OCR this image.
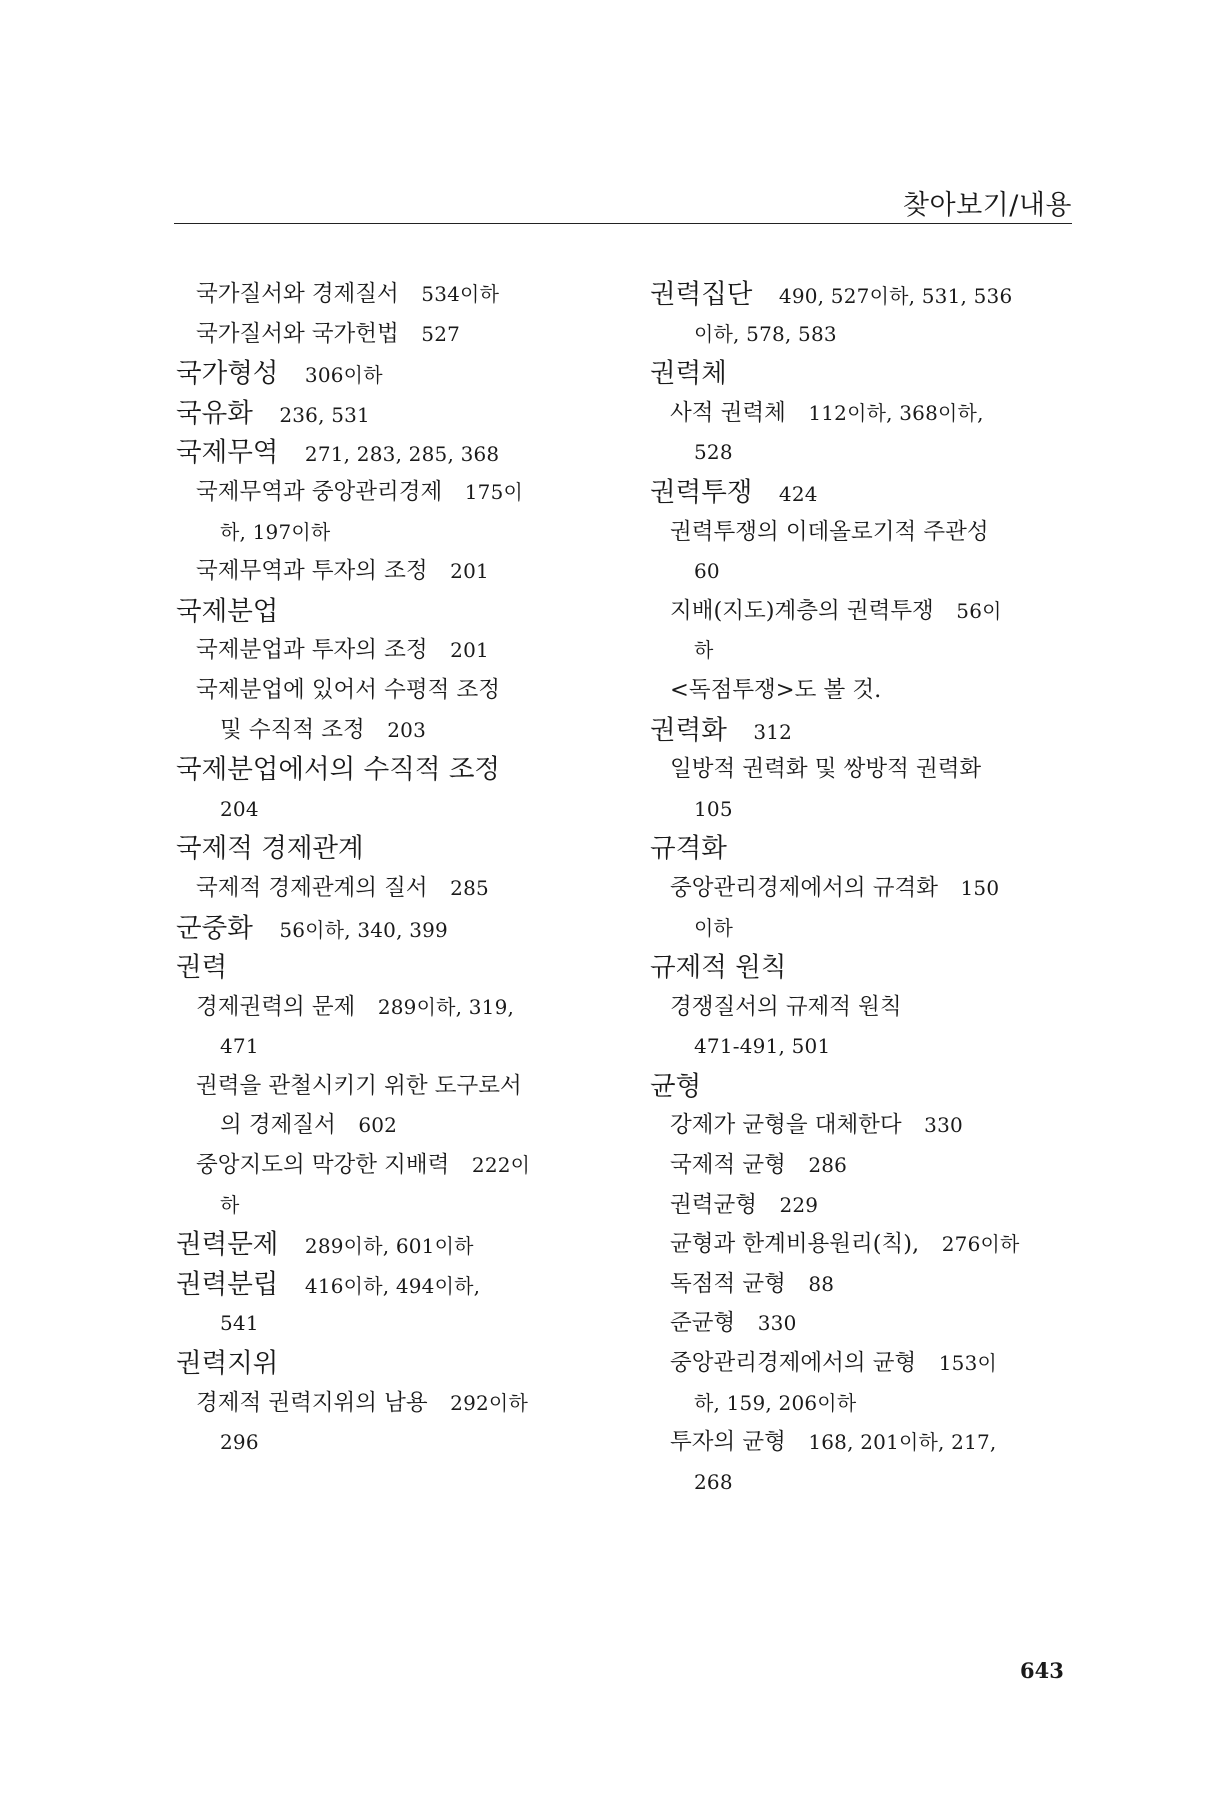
찾아보기/내용
국가질서와 경제질서  534이하
국가질서와 국가헌법  527
국가형성  306이하
국유화  236, 531
국제무역  271, 283, 285, 368
국제무역과 중앙관리경제  175이
하, 197이하
국제무역과 투자의 조정  201
국제분업
국제분업과 투자의 조정  201
국제분업에 있어서 수평적 조정
및 수직적 조정  203
국제분업에서의 수직적 조정
204
국제적 경제관계
국제적 경제관계의 질서  285
군중화  56이하, 340, 399
권력
경제권력의 문제  289이하, 319,
471
권력을 관철시키기 위한 도구로서
의 경제질서  602
중앙지도의 막강한 지배력  222이
하
권력문제  289이하, 601이하
권력분립  416이하, 494이하,
541
권력지위
경제적 권력지위의 남용  292이하
296
권력집단  490, 527이하, 531, 536
이하, 578, 583
권력체
사적 권력체  112이하, 368이하,
528
권력투쟁  424
권력투쟁의 이데올로기적 주관성
60
지배(지도)계층의 권력투쟁  56이
하
<독점투쟁>도 볼 것.
권력화  312
일방적 권력화 및 쌍방적 권력화
105
규격화
중앙관리경제에서의 규격화  150
이하
규제적 원칙
경쟁질서의 규제적 원칙
471-491, 501
균형
강제가 균형을 대체한다  330
국제적 균형  286
권력균형  229
균형과 한계비용원리(칙),  276이하
독점적 균형  88
준균형  330
중앙관리경제에서의 균형  153이
하, 159, 206이하
투자의 균형  168, 201이하, 217,
268
643
